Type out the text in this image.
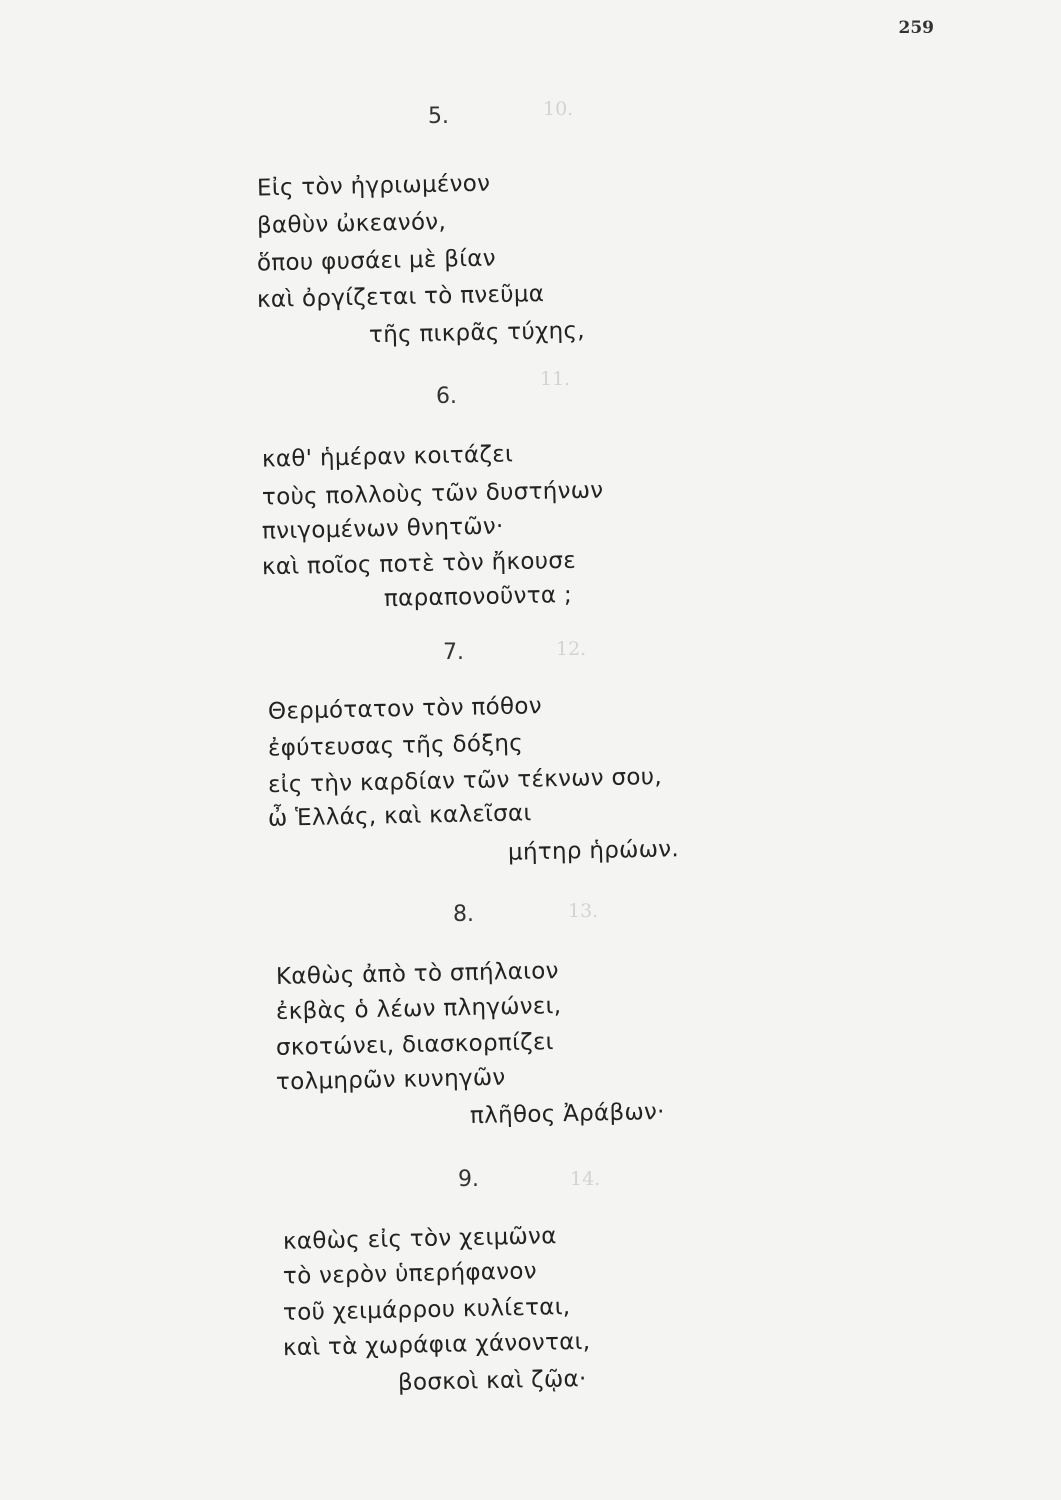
10.
11.
12.
13.
14.
259
5.
Εἰς τὸν ἠγριωμένον
βαθὺν ὠκεανόν,
ὅπου φυσάει μὲ βίαν
καὶ ὀργίζεται τὸ πνεῦμα
τῆς πικρᾶς τύχης,
6.
καθ' ἡμέραν κοιτάζει
τοὺς πολλοὺς τῶν δυστήνων
πνιγομένων θνητῶν·
καὶ ποῖος ποτὲ τὸν ἤκουσε
παραπονοῦντα ;
7.
Θερμότατον τὸν πόθον
ἐφύτευσας τῆς δόξης
εἰς τὴν καρδίαν τῶν τέκνων σου,
ὦ Ἑλλάς, καὶ καλεῖσαι
μήτηρ ἡρώων.
8.
Καθὼς ἀπὸ τὸ σπήλαιον
ἐκβὰς ὁ λέων πληγώνει,
σκοτώνει, διασκορπίζει
τολμηρῶν κυνηγῶν
πλῆθος Ἀράβων·
9.
καθὼς εἰς τὸν χειμῶνα
τὸ νερὸν ὑπερήφανον
τοῦ χειμάρρου κυλίεται,
καὶ τὰ χωράφια χάνονται,
βοσκοὶ καὶ ζῷα·
